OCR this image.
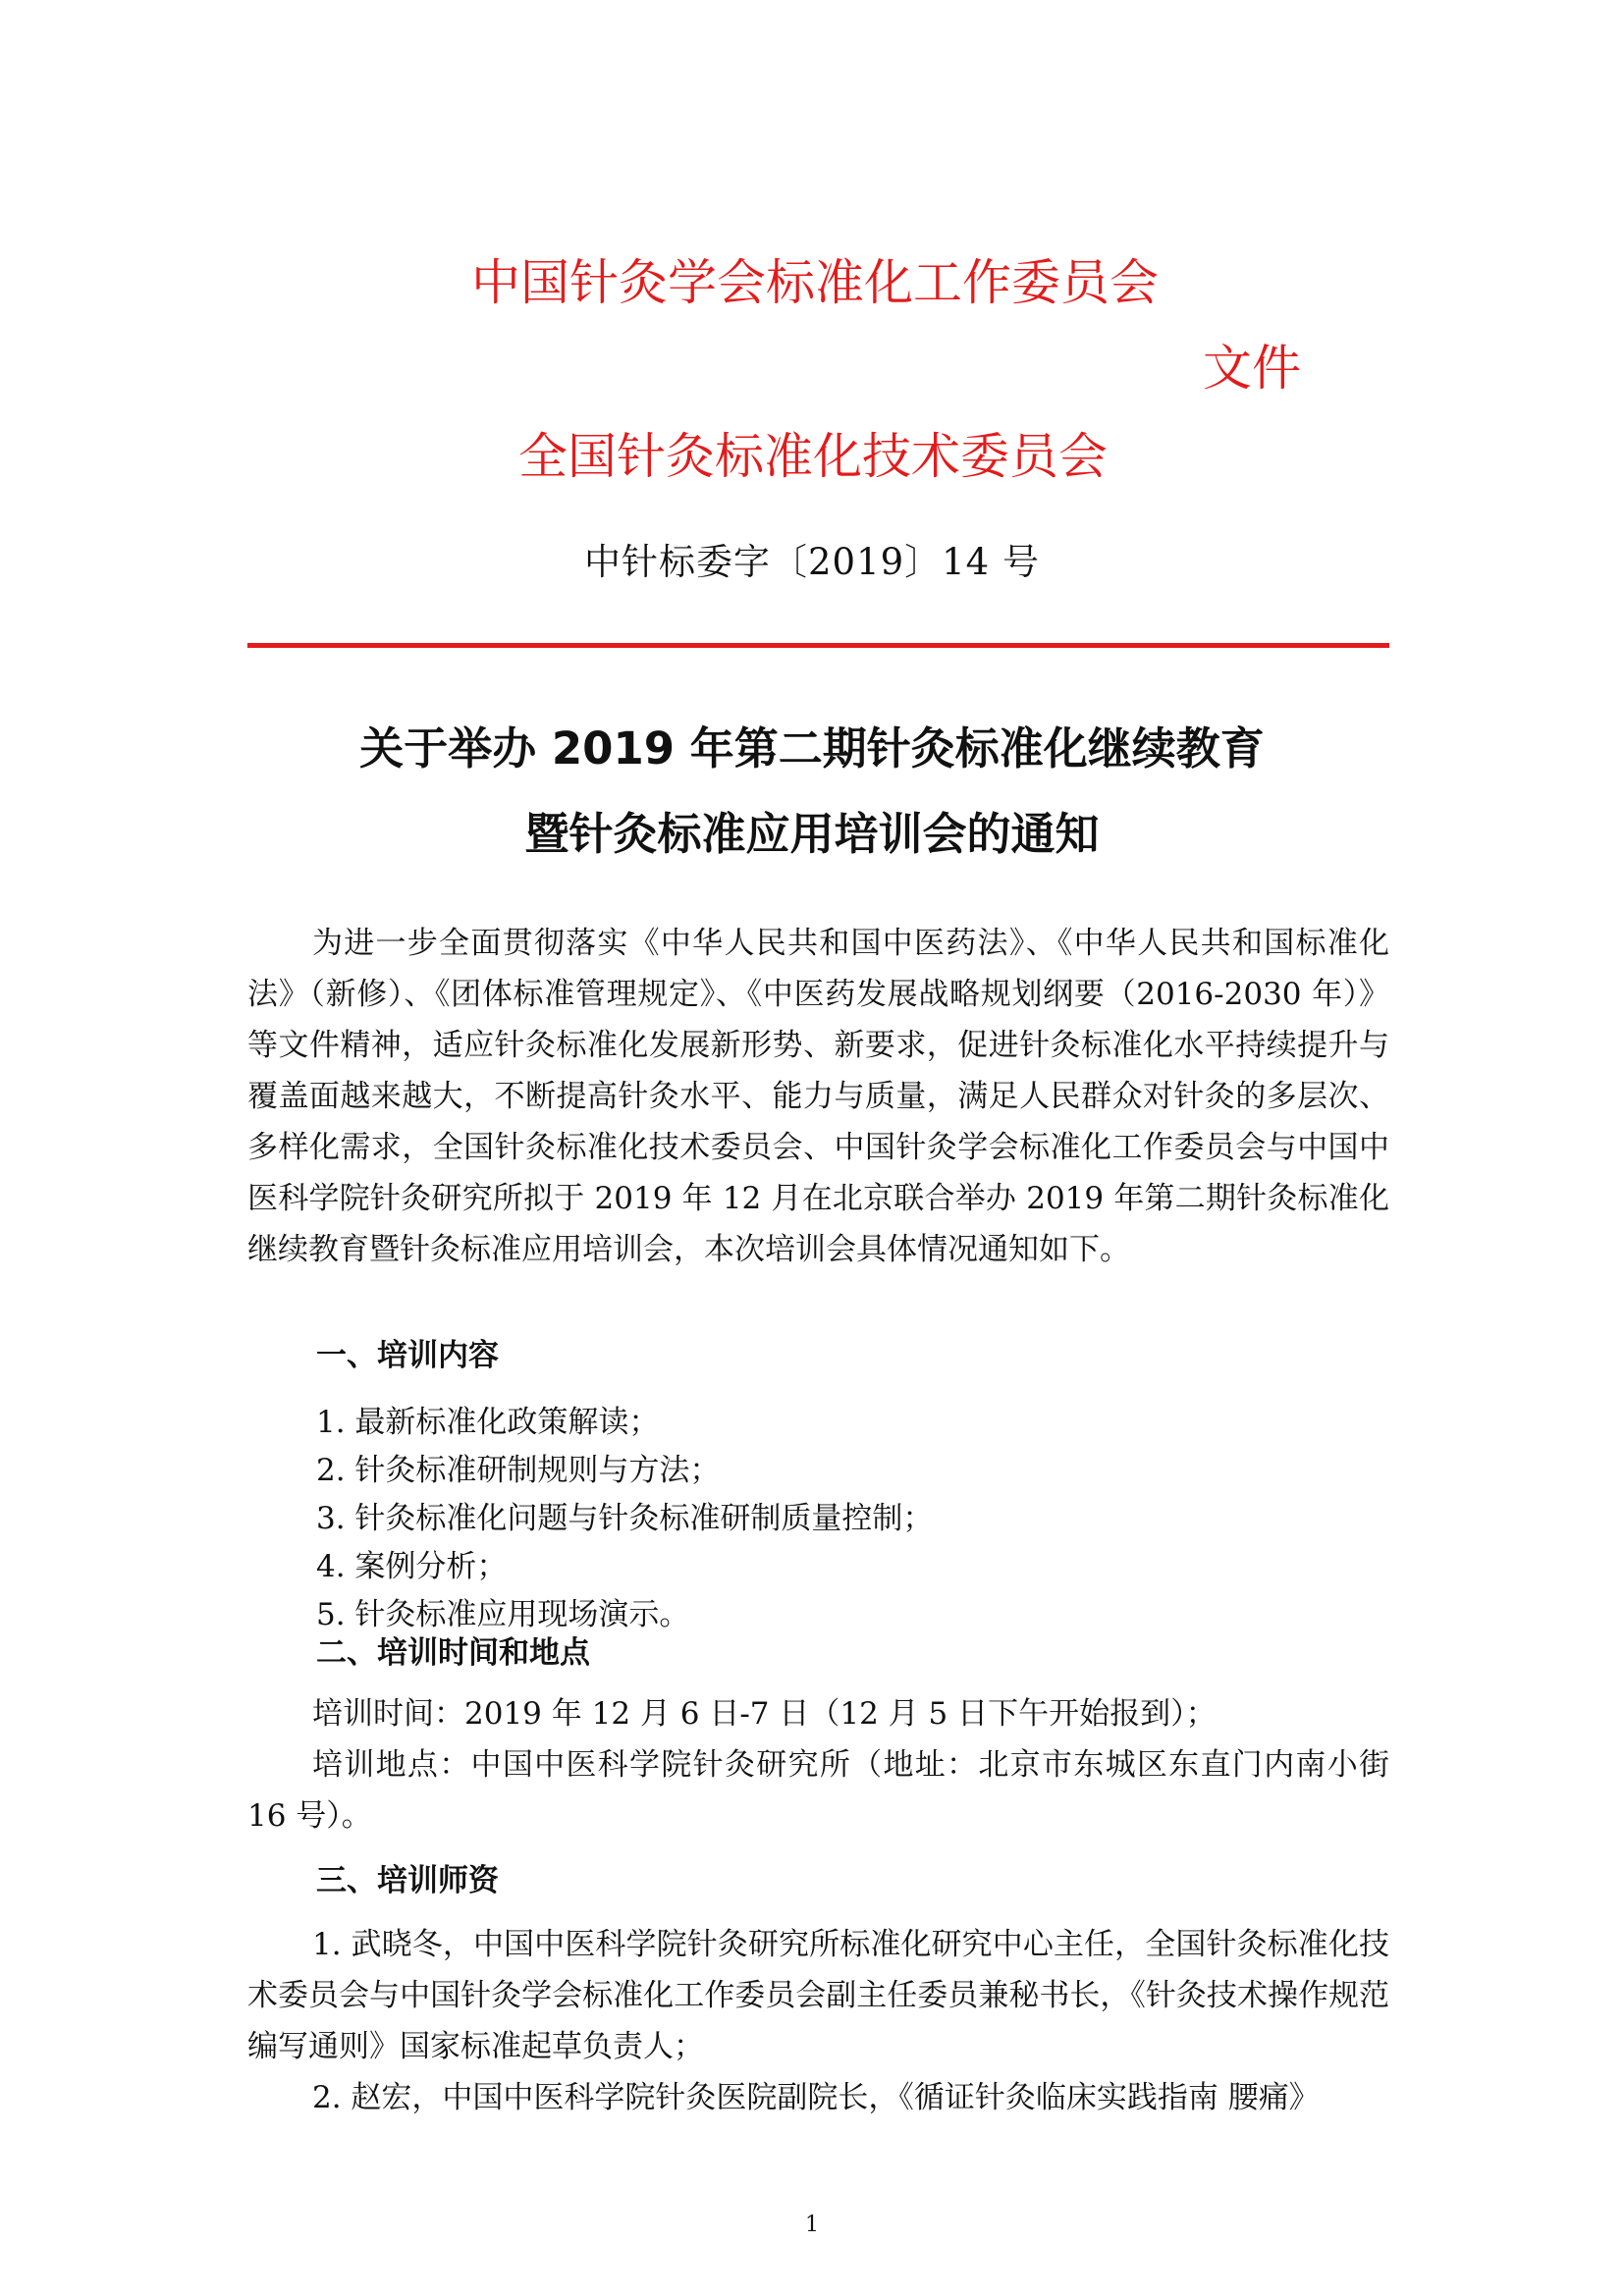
中国针灸学会标准化工作委员会
文件
全国针灸标准化技术委员会
中针标委字〔2019〕14 号
关于举办 2019 年第二期针灸标准化继续教育
暨针灸标准应用培训会的通知
为进一步全面贯彻落实《中华人民共和国中医药法》、《中华人民共和国标准化法》（新修）、《团体标准管理规定》、《中医药发展战略规划纲要（2016-2030 年）》等文件精神，适应针灸标准化发展新形势、新要求，促进针灸标准化水平持续提升与覆盖面越来越大，不断提高针灸水平、能力与质量，满足人民群众对针灸的多层次、多样化需求，全国针灸标准化技术委员会、中国针灸学会标准化工作委员会与中国中医科学院针灸研究所拟于 2019 年 12 月在北京联合举办 2019 年第二期针灸标准化继续教育暨针灸标准应用培训会，本次培训会具体情况通知如下。
一、培训内容
1. 最新标准化政策解读；
2. 针灸标准研制规则与方法；
3. 针灸标准化问题与针灸标准研制质量控制；
4. 案例分析；
5. 针灸标准应用现场演示。
二、培训时间和地点

培训时间：2019 年 12 月 6 日-7 日（12 月 5 日下午开始报到）；

培训地点：中国中医科学院针灸研究所（地址：北京市东城区东直门内南小街 16 号）。

三、培训师资

1. 武晓冬，中国中医科学院针灸研究所标准化研究中心主任，全国针灸标准化技术委员会与中国针灸学会标准化工作委员会副主任委员兼秘书长，《针灸技术操作规范 编写通则》国家标准起草负责人；

2. 赵宏，中国中医科学院针灸医院副院长，《循证针灸临床实践指南 腰痛》

1
